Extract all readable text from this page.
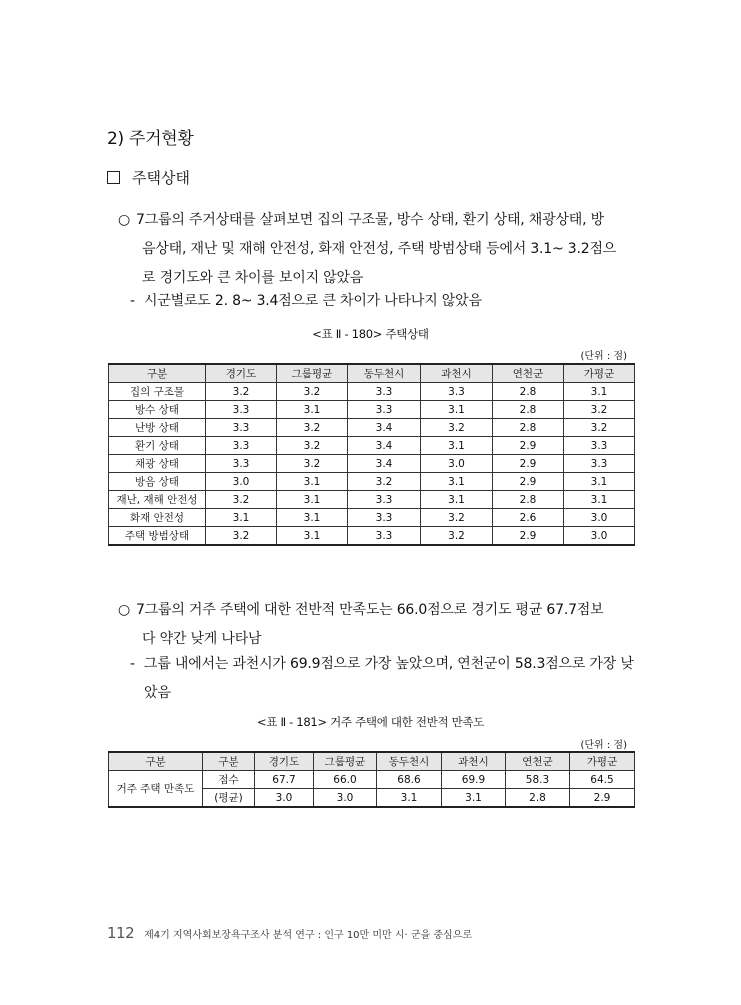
2) 주거현황
주택상태
○ 7그룹의 주거상태를 살펴보면 집의 구조물, 방수 상태, 환기 상태, 채광상태, 방
음상태, 재난 및 재해 안전성, 화재 안전성, 주택 방범상태 등에서 3.1~ 3.2점으
로 경기도와 큰 차이를 보이지 않았음
- 시군별로도 2. 8~ 3.4점으로 큰 차이가 나타나지 않았음
<표 Ⅱ - 180> 주택상태
(단위 : 점)
구분	경기도	그룹평균	동두천시	과천시	연천군	가평군
집의 구조물	3.2	3.2	3.3	3.3	2.8	3.1
방수 상태	3.3	3.1	3.3	3.1	2.8	3.2
난방 상태	3.3	3.2	3.4	3.2	2.8	3.2
환기 상태	3.3	3.2	3.4	3.1	2.9	3.3
채광 상태	3.3	3.2	3.4	3.0	2.9	3.3
방음 상태	3.0	3.1	3.2	3.1	2.9	3.1
재난, 재해 안전성	3.2	3.1	3.3	3.1	2.8	3.1
화재 안전성	3.1	3.1	3.3	3.2	2.6	3.0
주택 방범상태	3.2	3.1	3.3	3.2	2.9	3.0
○ 7그룹의 거주 주택에 대한 전반적 만족도는 66.0점으로 경기도 평균 67.7점보
다 약간 낮게 나타남
- 그룹 내에서는 과천시가 69.9점으로 가장 높았으며, 연천군이 58.3점으로 가장 낮
았음
<표 Ⅱ - 181> 거주 주택에 대한 전반적 만족도
(단위 : 점)
구분	구분	경기도	그룹평균	동두천시	과천시	연천군	가평군
거주 주택 만족도	점수	67.7	66.0	68.6	69.9	58.3	64.5
	(평균)	3.0	3.0	3.1	3.1	2.8	2.9
112 제4기 지역사회보장욕구조사 분석 연구 : 인구 10만 미만 시· 군을 중심으로
